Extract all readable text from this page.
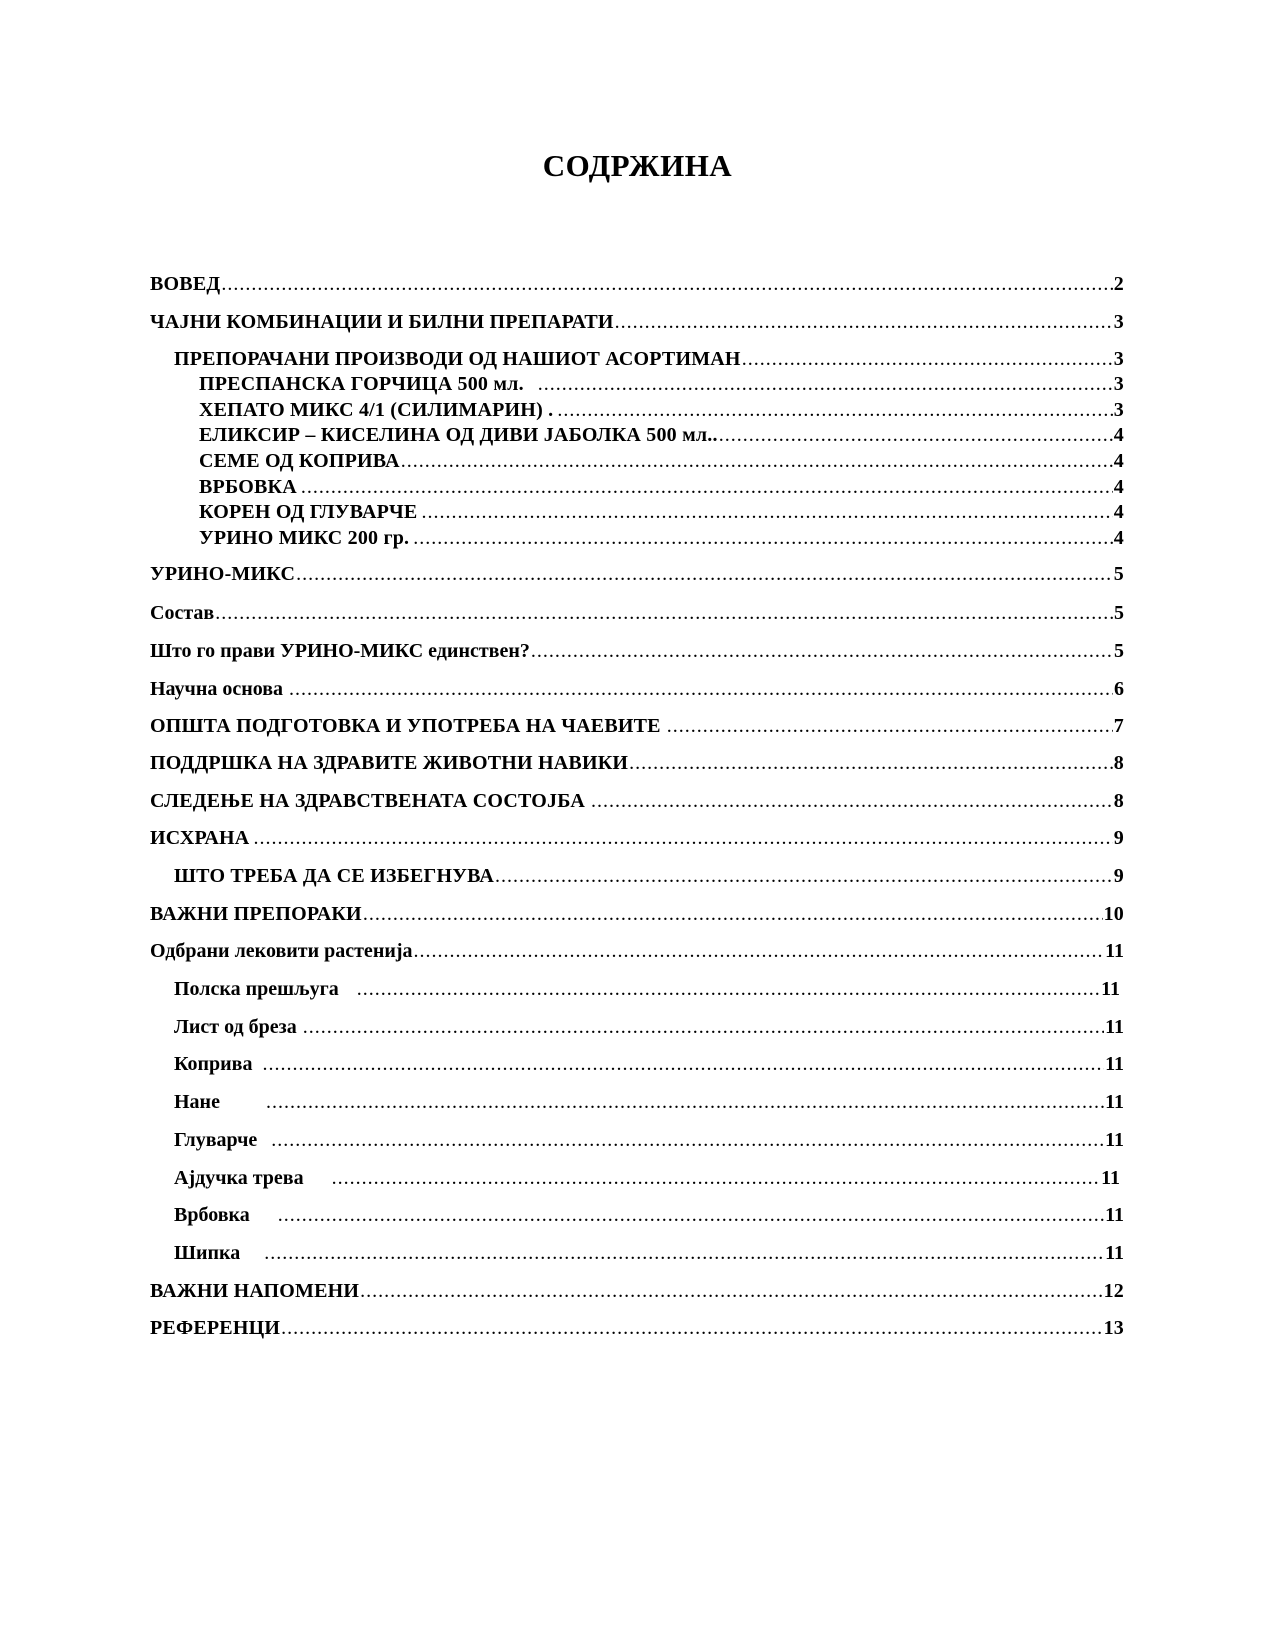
СОДРЖИНА
ВОВЕД .....	2
ЧАЈНИ КОМБИНАЦИИ И БИЛНИ ПРЕПАРАТИ .....	3
ПРЕПОРАЧАНИ ПРОИЗВОДИ ОД НАШИОТ АСОРТИМАН .....	3
ПРЕСПАНСКА ГОРЧИЦА 500 мл. .....	3
ХЕПАТО МИКС 4/1 (СИЛИМАРИН) . .....	3
ЕЛИКСИР – КИСЕЛИНА ОД ДИВИ ЈАБОЛКА 500 мл.. .....	4
СЕМЕ ОД КОПРИВА .....	4
ВРБОВКА .....	4
КОРЕН ОД ГЛУВАРЧЕ .....	4
УРИНО МИКС 200 гр. .....	4
УРИНО-МИКС .....	5
Состав .....	5
Што го прави УРИНО-МИКС единствен? .....	5
Научна основа .....	6
ОПШТА ПОДГОТОВКА И УПОТРЕБА НА ЧАЕВИТЕ .....	7
ПОДДРШКА НА ЗДРАВИТЕ ЖИВОТНИ НАВИКИ .....	8
СЛЕДЕЊЕ НА ЗДРАВСТВЕНАТА СОСТОЈБА .....	8
ИСХРАНА .....	9
ШТО ТРЕБА ДА СЕ ИЗБЕГНУВА .....	9
ВАЖНИ ПРЕПОРАКИ .....	10
Одбрани лековити растенија .....	11
Полска прешљуга .....	11
Лист од бреза .....	11
Коприва .....	11
Нане .....	11
Глуварче .....	11
Ајдучка трева .....	11
Врбовка .....	11
Шипка .....	11
ВАЖНИ НАПОМЕНИ .....	12
РЕФЕРЕНЦИ .....	13
